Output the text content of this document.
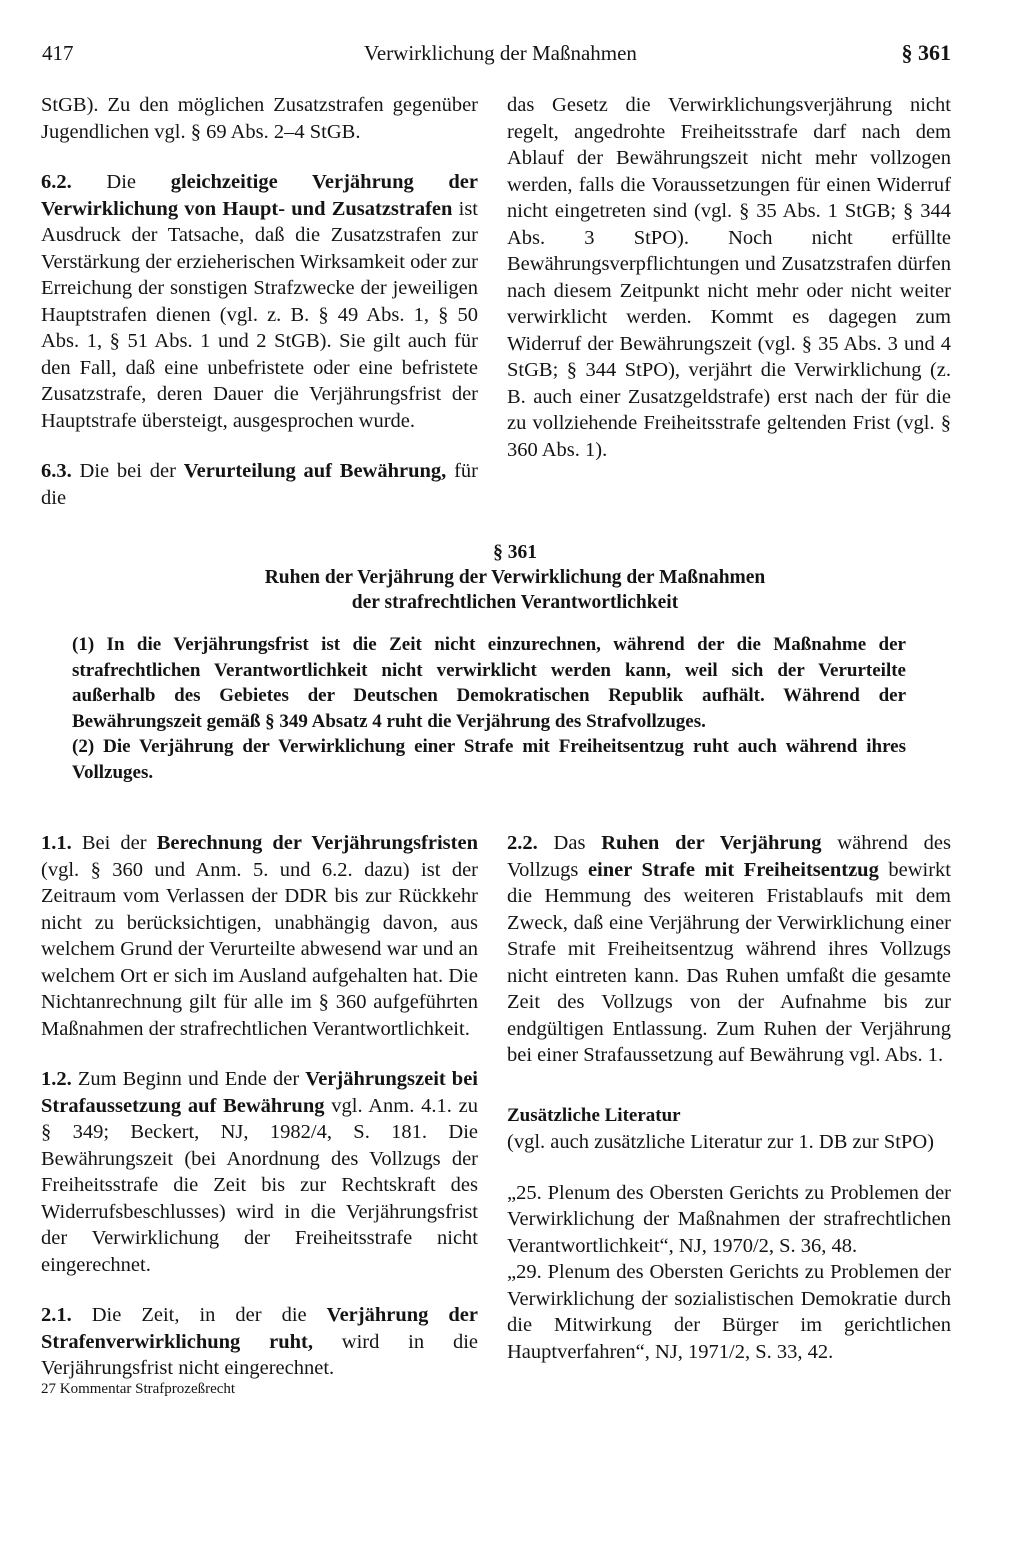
417	Verwirklichung der Maßnahmen	§ 361

StGB). Zu den möglichen Zusatzstrafen gegenüber Jugendlichen vgl. § 69 Abs. 2–4 StGB.

6.2. Die gleichzeitige Verjährung der Verwirklichung von Haupt- und Zusatzstrafen ist Ausdruck der Tatsache, daß die Zusatzstrafen zur Verstärkung der erzieherischen Wirksamkeit oder zur Erreichung der sonstigen Strafzwecke der jeweiligen Hauptstrafen dienen (vgl. z. B. § 49 Abs. 1, § 50 Abs. 1, § 51 Abs. 1 und 2 StGB). Sie gilt auch für den Fall, daß eine unbefristete oder eine befristete Zusatzstrafe, deren Dauer die Verjährungsfrist der Hauptstrafe übersteigt, ausgesprochen wurde.

6.3. Die bei der Verurteilung auf Bewährung, für die

das Gesetz die Verwirklichungsverjährung nicht regelt, angedrohte Freiheitsstrafe darf nach dem Ablauf der Bewährungszeit nicht mehr vollzogen werden, falls die Voraussetzungen für einen Widerruf nicht eingetreten sind (vgl. § 35 Abs. 1 StGB; § 344 Abs. 3 StPO). Noch nicht erfüllte Bewährungsverpflichtungen und Zusatzstrafen dürfen nach diesem Zeitpunkt nicht mehr oder nicht weiter verwirklicht werden. Kommt es dagegen zum Widerruf der Bewährungszeit (vgl. § 35 Abs. 3 und 4 StGB; § 344 StPO), verjährt die Verwirklichung (z. B. auch einer Zusatzgeldstrafe) erst nach der für die zu vollziehende Freiheitsstrafe geltenden Frist (vgl. § 360 Abs. 1).

§ 361
Ruhen der Verjährung der Verwirklichung der Maßnahmen
der strafrechtlichen Verantwortlichkeit

(1) In die Verjährungsfrist ist die Zeit nicht einzurechnen, während der die Maßnahme der strafrechtlichen Verantwortlichkeit nicht verwirklicht werden kann, weil sich der Verurteilte außerhalb des Gebietes der Deutschen Demokratischen Republik aufhält. Während der Bewährungszeit gemäß § 349 Absatz 4 ruht die Verjährung des Strafvollzuges.

(2) Die Verjährung der Verwirklichung einer Strafe mit Freiheitsentzug ruht auch während ihres Vollzuges.

1.1. Bei der Berechnung der Verjährungsfristen (vgl. § 360 und Anm. 5. und 6.2. dazu) ist der Zeitraum vom Verlassen der DDR bis zur Rückkehr nicht zu berücksichtigen, unabhängig davon, aus welchem Grund der Verurteilte abwesend war und an welchem Ort er sich im Ausland aufgehalten hat. Die Nichtanrechnung gilt für alle im § 360 aufgeführten Maßnahmen der strafrechtlichen Verantwortlichkeit.

1.2. Zum Beginn und Ende der Verjährungszeit bei Strafaussetzung auf Bewährung vgl. Anm. 4.1. zu § 349; Beckert, NJ, 1982/4, S. 181. Die Bewährungszeit (bei Anordnung des Vollzugs der Freiheitsstrafe die Zeit bis zur Rechtskraft des Widerrufsbeschlusses) wird in die Verjährungsfrist der Verwirklichung der Freiheitsstrafe nicht eingerechnet.

2.1. Die Zeit, in der die Verjährung der Strafenverwirklichung ruht, wird in die Verjährungsfrist nicht eingerechnet.

2.2. Das Ruhen der Verjährung während des Vollzugs einer Strafe mit Freiheitsentzug bewirkt die Hemmung des weiteren Fristablaufs mit dem Zweck, daß eine Verjährung der Verwirklichung einer Strafe mit Freiheitsentzug während ihres Vollzugs nicht eintreten kann. Das Ruhen umfaßt die gesamte Zeit des Vollzugs von der Aufnahme bis zur endgültigen Entlassung. Zum Ruhen der Verjährung bei einer Strafaussetzung auf Bewährung vgl. Abs. 1.

Zusätzliche Literatur

(vgl. auch zusätzliche Literatur zur 1. DB zur StPO)

„25. Plenum des Obersten Gerichts zu Problemen der Verwirklichung der Maßnahmen der strafrechtlichen Verantwortlichkeit“, NJ, 1970/2, S. 36, 48.

„29. Plenum des Obersten Gerichts zu Problemen der Verwirklichung der sozialistischen Demokratie durch die Mitwirkung der Bürger im gerichtlichen Hauptverfahren“, NJ, 1971/2, S. 33, 42.

27 Kommentar Strafprozeßrecht
